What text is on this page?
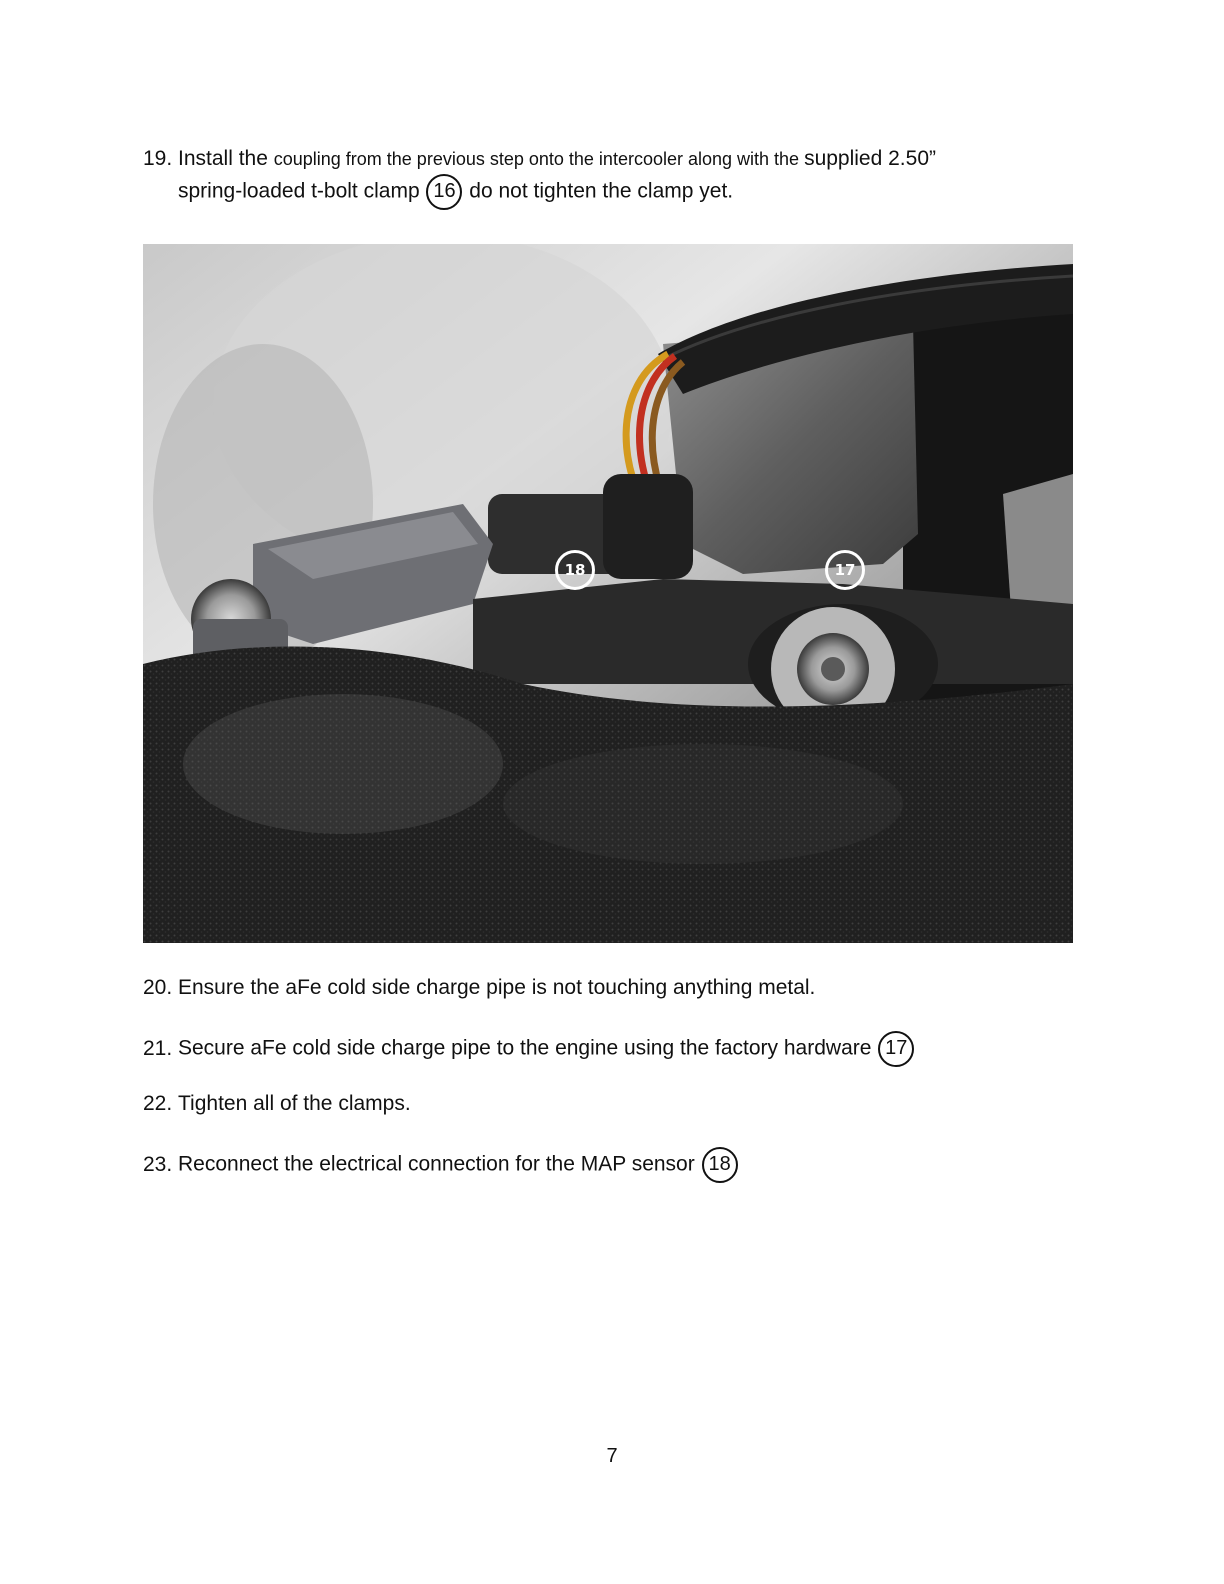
19. Install the coupling from the previous step onto the intercooler along with the supplied 2.50”
spring-loaded t-bolt clamp 16 do not tighten the clamp yet.
18	17
20. Ensure the aFe cold side charge pipe is not touching anything metal.
21. Secure aFe cold side charge pipe to the engine using the factory hardware 17
22. Tighten all of the clamps.
23. Reconnect the electrical connection for the MAP sensor 18
7
